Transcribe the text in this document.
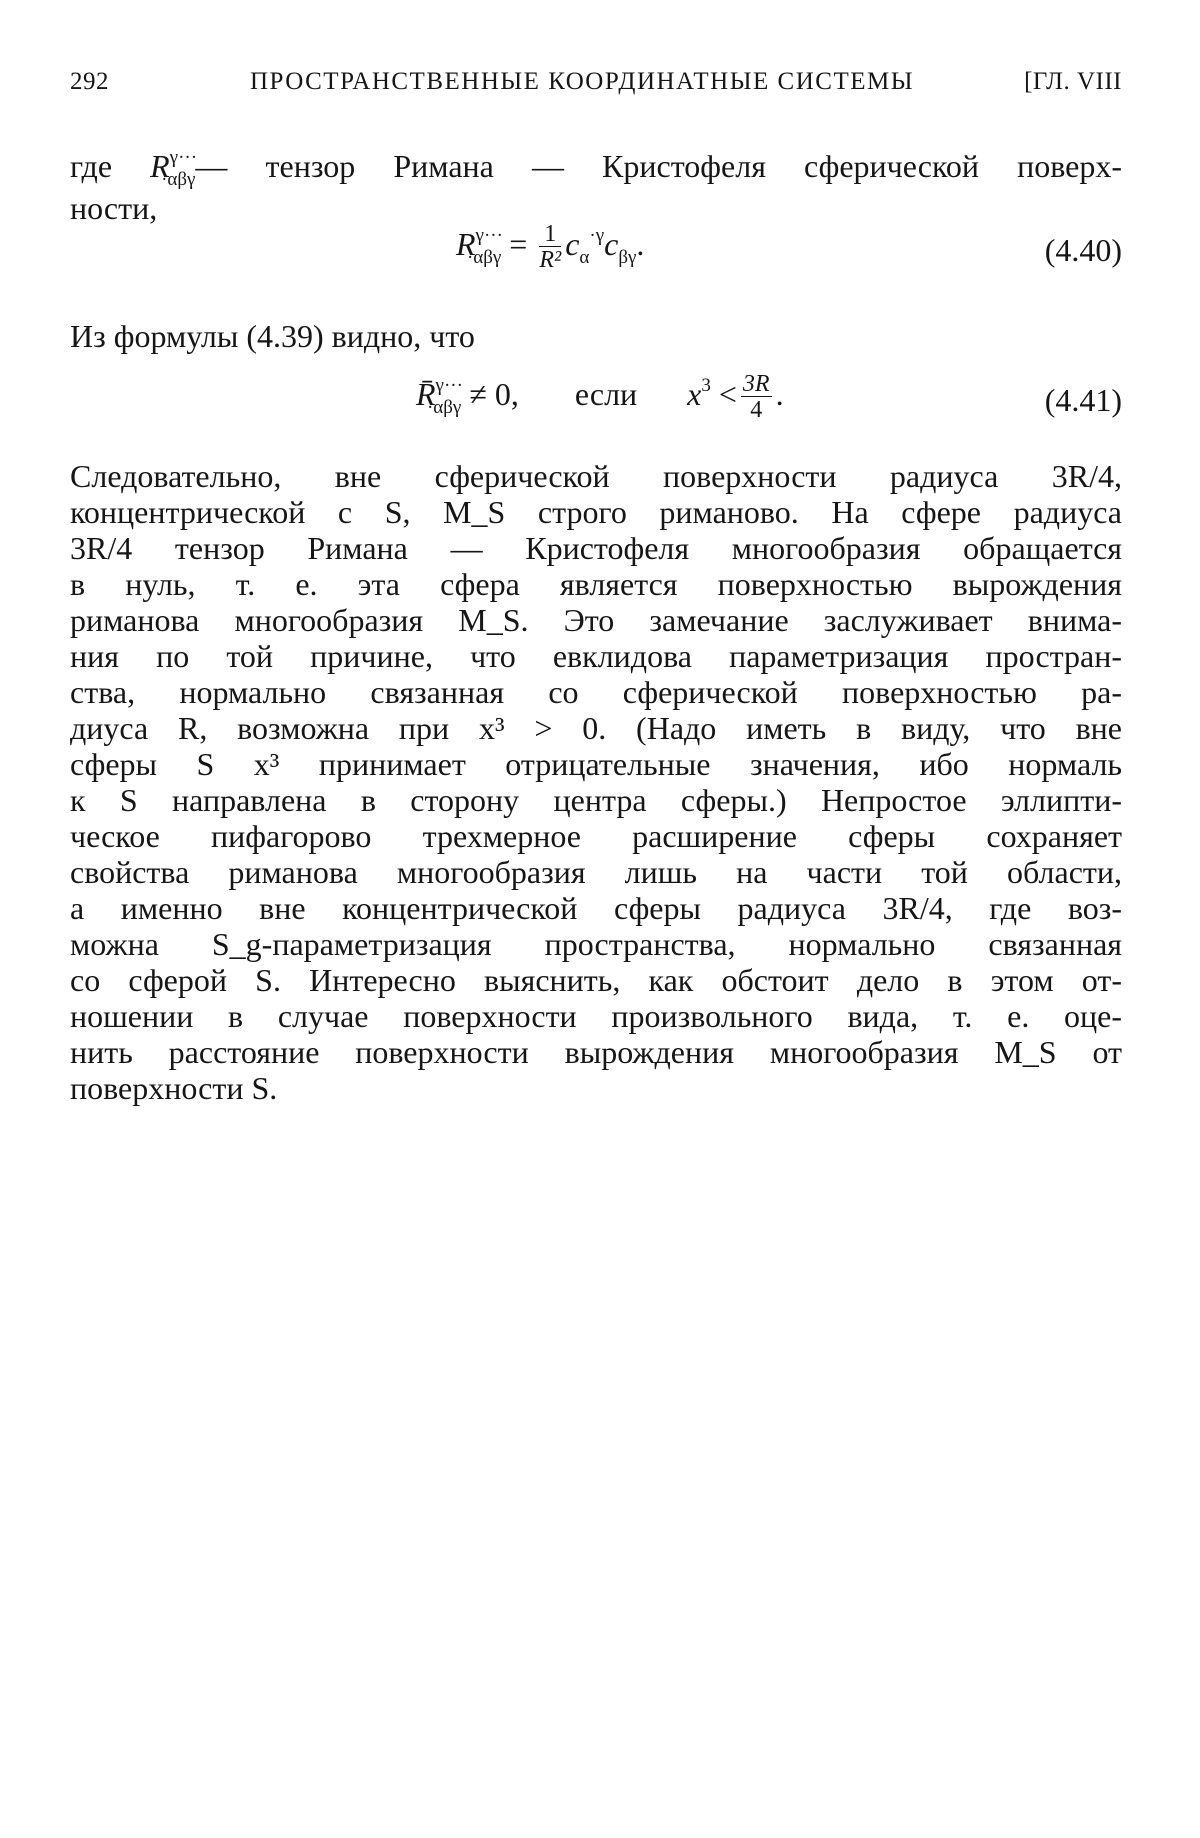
292	ПРОСТРАНСТВЕННЫЕ КООРДИНАТНЫЕ СИСТЕМЫ	[ГЛ. VIII
где $R^{\gamma\cdot\cdot\cdot}_{\cdot\alpha\beta\gamma}—$ тензор Римана — Кристофеля сферической поверх-
ности,
$R^{\gamma\cdot\cdot\cdot}_{\cdot\alpha\beta\gamma} = \frac{1}{\text{R²}} c_\alpha^{\cdot\gamma}c_{\beta\gamma}$.	(4.40)
Из формулы (4.39) видно, что
R̄$^{\gamma\cdot\cdot\cdot}_{\cdot\alpha\beta\gamma}$ ≠ 0, если $x^3 < \frac{3R}{4}$ .	(4.41)
Следовательно, вне сферической поверхности радиуса 3R/4,
концентрической с S, M_S строго риманово. На сфере радиуса
3R/4 тензор Римана — Кристофеля многообразия обращается
в нуль, т. е. эта сфера является поверхностью вырождения
риманова многообразия M_S. Это замечание заслуживает внима-
ния по той причине, что евклидова параметризация простран-
ства, нормально связанная со сферической поверхностью ра-
диуса R, возможна при x³ > 0. (Надо иметь в виду, что вне
сферы S x³ принимает отрицательные значения, ибо нормаль
к S направлена в сторону центра сферы.) Непростое эллипти-
ческое пифагорово трехмерное расширение сферы сохраняет
свойства риманова многообразия лишь на части той области,
а именно вне концентрической сферы радиуса 3R/4, где воз-
можна S_g-параметризация пространства, нормально связанная
со сферой S. Интересно выяснить, как обстоит дело в этом от-
ношении в случае поверхности произвольного вида, т. е. оце-
нить расстояние поверхности вырождения многообразия M_S от
поверхности S.
